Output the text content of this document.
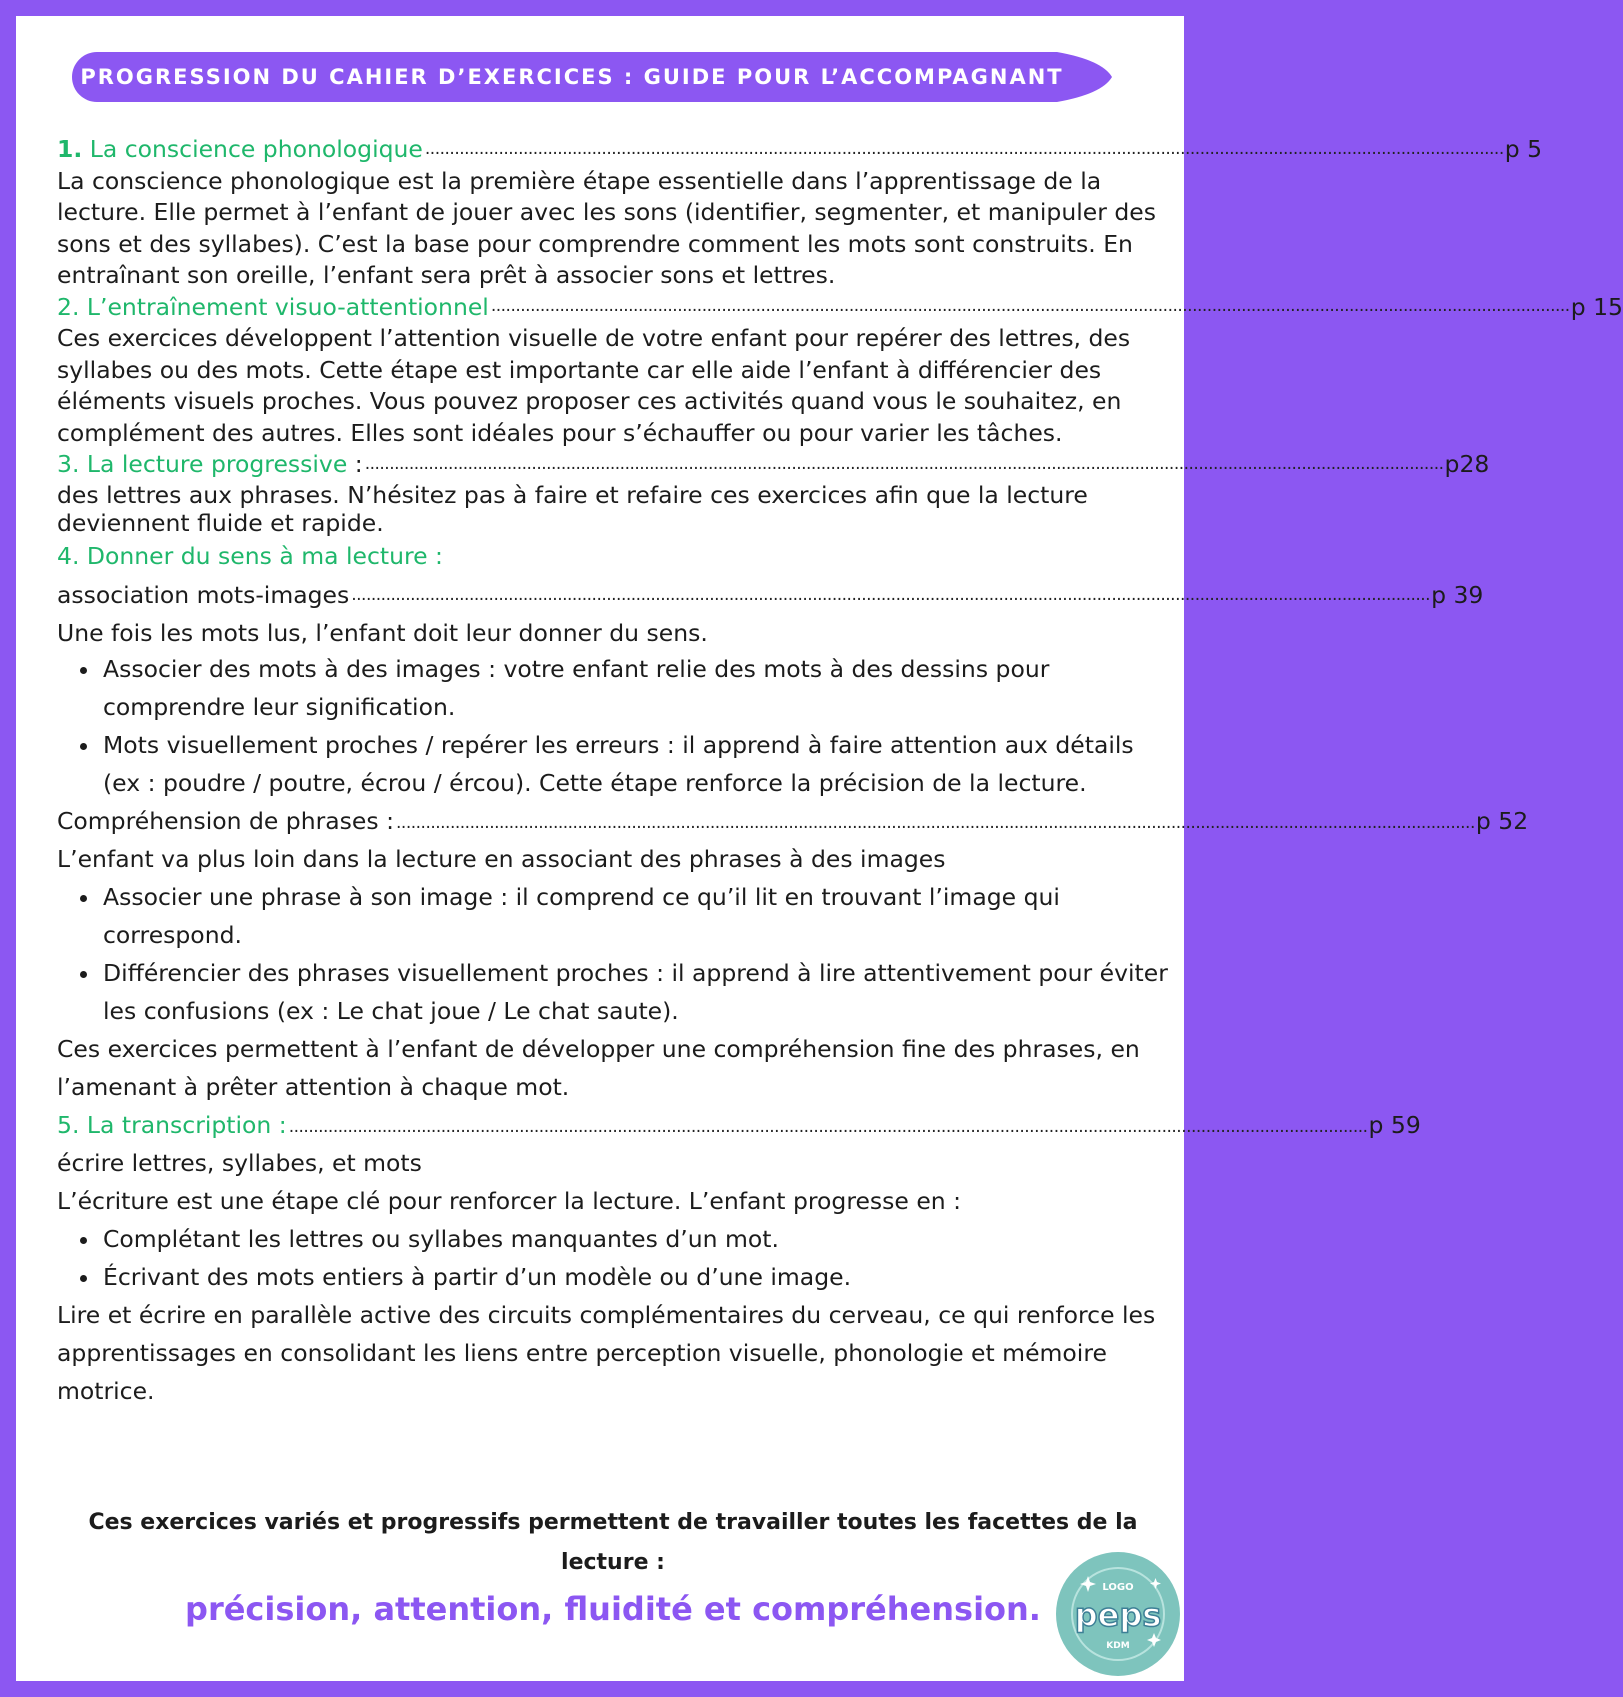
PROGRESSION DU CAHIER D’EXERCICES : GUIDE POUR L’ACCOMPAGNANT
1. La conscience phonologique ............................................................................................................................................................................................................................ p 5
La conscience phonologique est la première étape essentielle dans l’apprentissage de la lecture. Elle permet à l’enfant de jouer avec les sons (identifier, segmenter, et manipuler des sons et des syllabes). C’est la base pour comprendre comment les mots sont construits. En entraînant son oreille, l’enfant sera prêt à associer sons et lettres.
2. L’entraînement visuo-attentionnel ............................................................................................................................................................................................................................ p 15
Ces exercices développent l’attention visuelle de votre enfant pour repérer des lettres, des syllabes ou des mots. Cette étape est importante car elle aide l’enfant à différencier des éléments visuels proches. Vous pouvez proposer ces activités quand vous le souhaitez, en complément des autres. Elles sont idéales pour s’échauffer ou pour varier les tâches.
3. La lecture progressive : ............................................................................................................................................................................................................................ p28
des lettres aux phrases. N’hésitez pas à faire et refaire ces exercices afin que la lecture deviennent fluide et rapide.
4. Donner du sens à ma lecture :
association mots-images ............................................................................................................................................................................................................................ p 39
Une fois les mots lus, l’enfant doit leur donner du sens.
• Associer des mots à des images : votre enfant relie des mots à des dessins pour comprendre leur signification.
• Mots visuellement proches / repérer les erreurs : il apprend à faire attention aux détails (ex : poudre / poutre, écrou / ércou). Cette étape renforce la précision de la lecture.
Compréhension de phrases : ............................................................................................................................................................................................................................ p 52
L’enfant va plus loin dans la lecture en associant des phrases à des images
• Associer une phrase à son image : il comprend ce qu’il lit en trouvant l’image qui correspond.
• Différencier des phrases visuellement proches : il apprend à lire attentivement pour éviter les confusions (ex : Le chat joue / Le chat saute).
Ces exercices permettent à l’enfant de développer une compréhension fine des phrases, en l’amenant à prêter attention à chaque mot.
5. La transcription : ............................................................................................................................................................................................................................ p 59
écrire lettres, syllabes, et mots
L’écriture est une étape clé pour renforcer la lecture. L’enfant progresse en :
• Complétant les lettres ou syllabes manquantes d’un mot.
• Écrivant des mots entiers à partir d’un modèle ou d’une image.
Lire et écrire en parallèle active des circuits complémentaires du cerveau, ce qui renforce les apprentissages en consolidant les liens entre perception visuelle, phonologie et mémoire motrice.
Ces exercices variés et progressifs permettent de travailler toutes les facettes de la lecture :
précision, attention, fluidité et compréhension.
LOGO
peps
KDM
